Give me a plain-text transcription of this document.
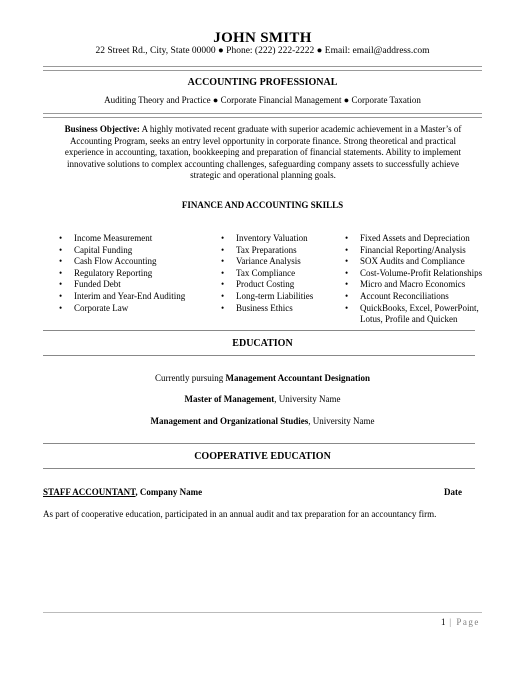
JOHN SMITH
22 Street Rd., City, State 00000 ● Phone: (222) 222-2222 ● Email: email@address.com
ACCOUNTING PROFESSIONAL
Auditing Theory and Practice ● Corporate Financial Management ● Corporate Taxation
Business Objective: A highly motivated recent graduate with superior academic achievement in a Master’s of Accounting Program, seeks an entry level opportunity in corporate finance. Strong theoretical and practical experience in accounting, taxation, bookkeeping and preparation of financial statements. Ability to implement innovative solutions to complex accounting challenges, safeguarding company assets to successfully achieve strategic and operational planning goals.
FINANCE AND ACCOUNTING SKILLS
• Income Measurement
• Capital Funding
• Cash Flow Accounting
• Regulatory Reporting
• Funded Debt
• Interim and Year-End Auditing
• Corporate Law
• Inventory Valuation
• Tax Preparations
• Variance Analysis
• Tax Compliance
• Product Costing
• Long-term Liabilities
• Business Ethics
• Fixed Assets and Depreciation
• Financial Reporting/Analysis
• SOX Audits and Compliance
• Cost-Volume-Profit Relationships
• Micro and Macro Economics
• Account Reconciliations
• QuickBooks, Excel, PowerPoint, Lotus, Profile and Quicken
EDUCATION
Currently pursuing Management Accountant Designation
Master of Management, University Name
Management and Organizational Studies, University Name
COOPERATIVE EDUCATION
STAFF ACCOUNTANT, Company Name	Date
As part of cooperative education, participated in an annual audit and tax preparation for an accountancy firm.
1 | Page
